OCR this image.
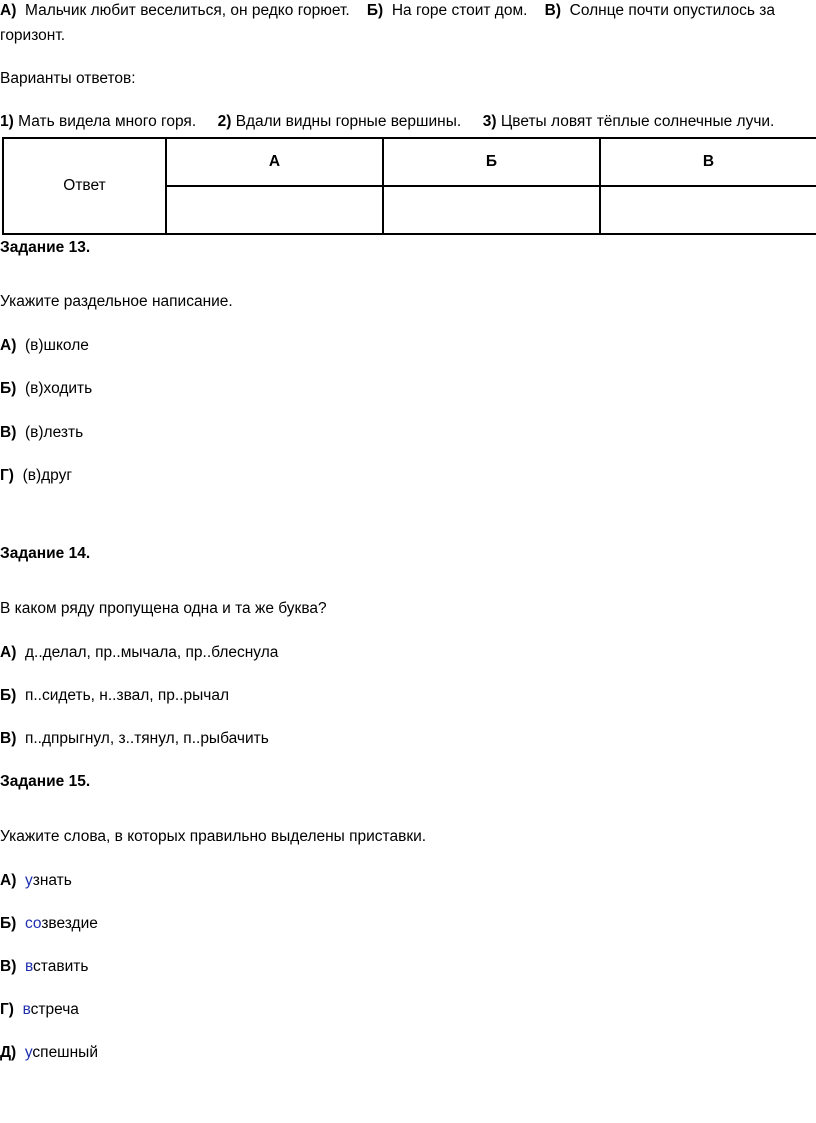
А) Мальчик любит веселиться, он редко горюет. Б) На горе стоит дом. В) Солнце почти опустилось за
горизонт.
Варианты ответов:
1) Мать видела много горя. 2) Вдали видны горные вершины. 3) Цветы ловят тёплые солнечные лучи.
Ответ	А	Б	В

Задание 13.
Укажите раздельное написание.
А) (в)школе
Б) (в)ходить
В) (в)лезть
Г) (в)друг
Задание 14.
В каком ряду пропущена одна и та же буква?
А) д..делал, пр..мычала, пр..блеснула
Б) п..сидеть, н..звал, пр..рычал
В) п..дпрыгнул, з..тянул, п..рыбачить
Задание 15.
Укажите слова, в которых правильно выделены приставки.
А) узнать
Б) созвездие
В) вставить
Г) встреча
Д) успешный
